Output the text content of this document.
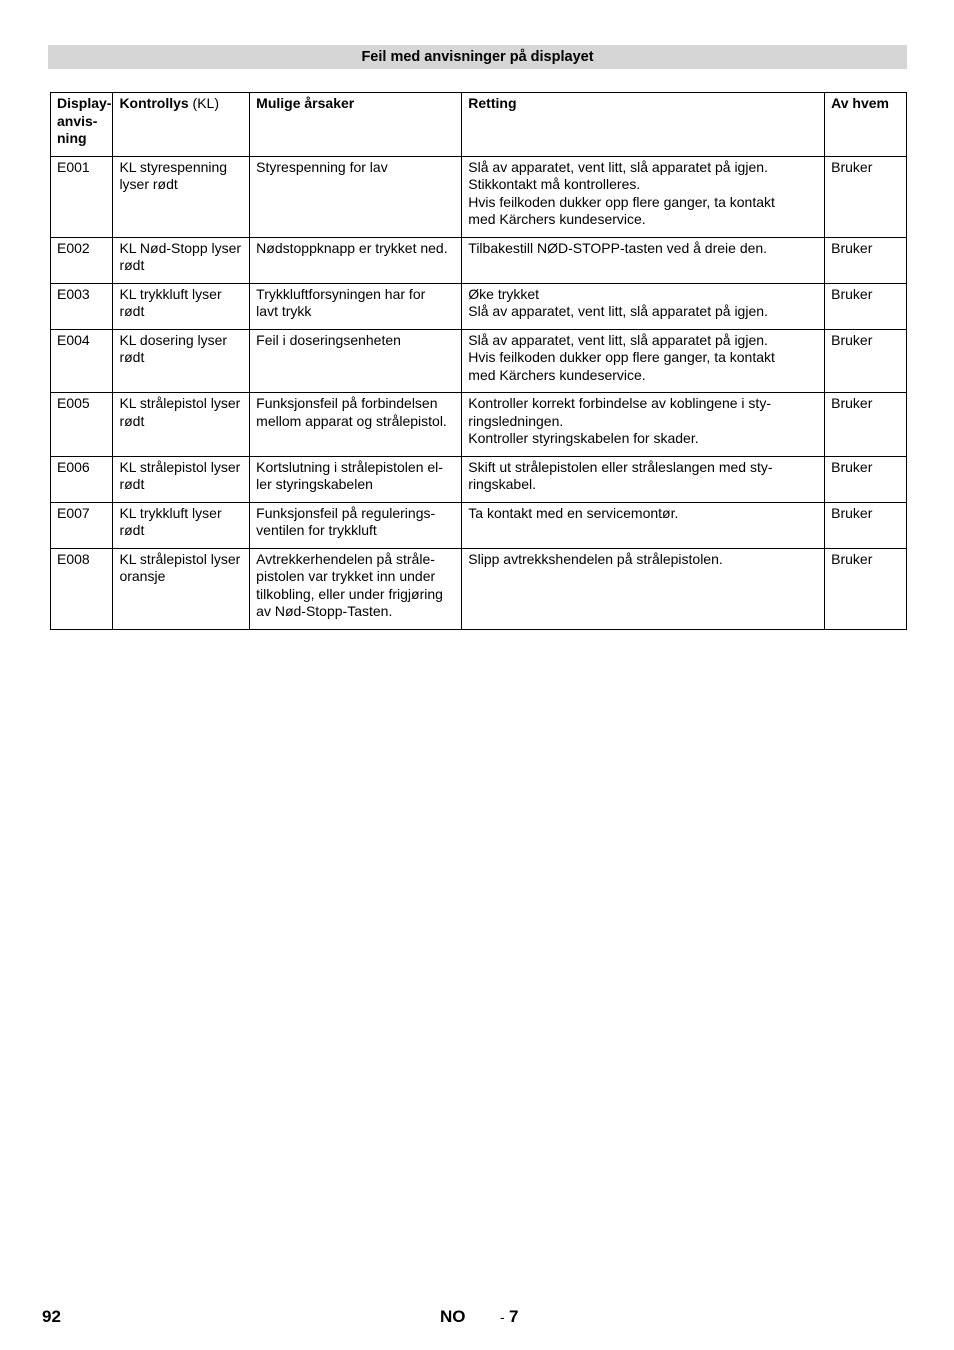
Feil med anvisninger på displayet
Display-
anvis-
ning	Kontrollys (KL)	Mulige årsaker	Retting	Av hvem
E001	KL styrespenning
lyser rødt	Styrespenning for lav	Slå av apparatet, vent litt, slå apparatet på igjen.
Stikkontakt må kontrolleres.
Hvis feilkoden dukker opp flere ganger, ta kontakt
med Kärchers kundeservice.	Bruker
E002	KL Nød-Stopp lyser
rødt	Nødstoppknapp er trykket ned.	Tilbakestill NØD-STOPP-tasten ved å dreie den.	Bruker
E003	KL trykkluft lyser
rødt	Trykkluftforsyningen har for
lavt trykk	Øke trykket
Slå av apparatet, vent litt, slå apparatet på igjen.	Bruker
E004	KL dosering lyser
rødt	Feil i doseringsenheten	Slå av apparatet, vent litt, slå apparatet på igjen.
Hvis feilkoden dukker opp flere ganger, ta kontakt
med Kärchers kundeservice.	Bruker
E005	KL strålepistol lyser
rødt	Funksjonsfeil på forbindelsen
mellom apparat og strålepistol.	Kontroller korrekt forbindelse av koblingene i sty-
ringsledningen.
Kontroller styringskabelen for skader.	Bruker
E006	KL strålepistol lyser
rødt	Kortslutning i strålepistolen el-
ler styringskabelen	Skift ut strålepistolen eller stråleslangen med sty-
ringskabel.	Bruker
E007	KL trykkluft lyser
rødt	Funksjonsfeil på regulerings-
ventilen for trykkluft	Ta kontakt med en servicemontør.	Bruker
E008	KL strålepistol lyser
oransje	Avtrekkerhendelen på stråle-
pistolen var trykket inn under
tilkobling, eller under frigjøring
av Nød-Stopp-Tasten.	Slipp avtrekkshendelen på strålepistolen.	Bruker
92	NO - 7
